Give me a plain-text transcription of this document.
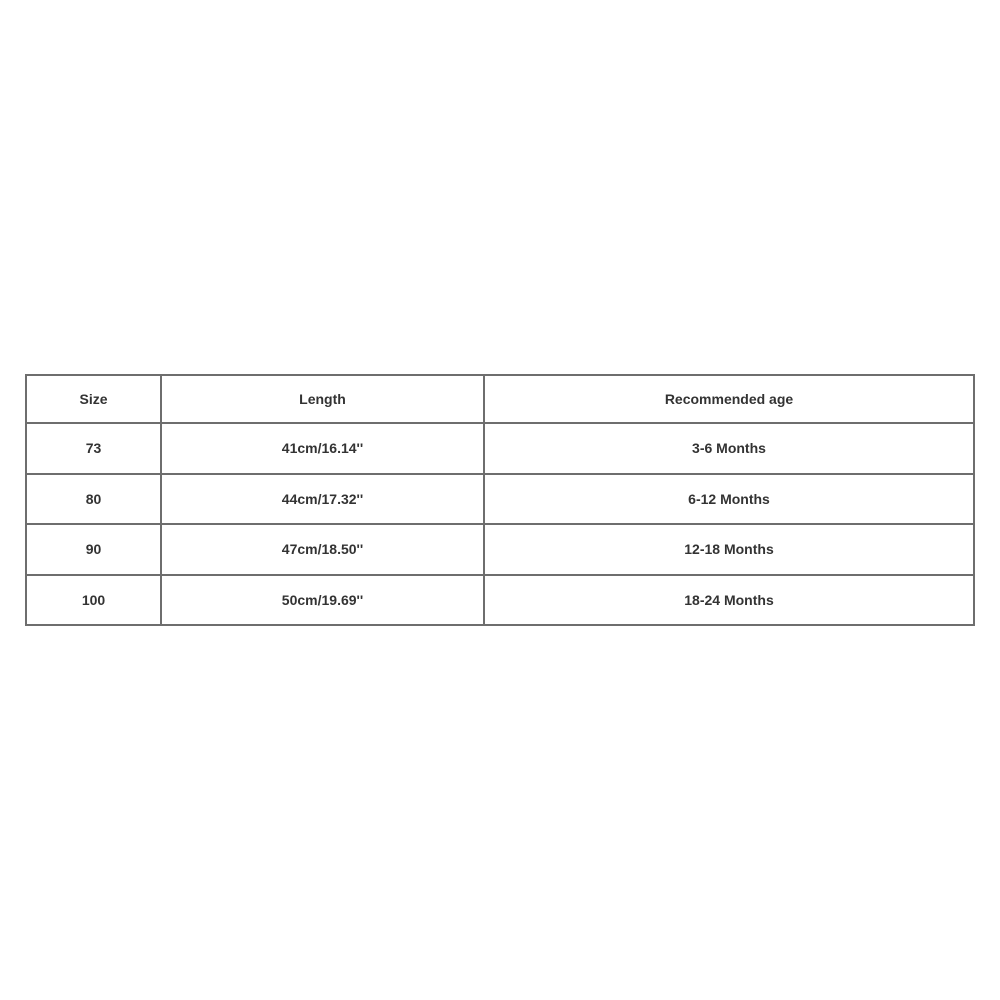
Size	Length	Recommended age
73	41cm/16.14''	3-6 Months
80	44cm/17.32''	6-12 Months
90	47cm/18.50''	12-18 Months
100	50cm/19.69''	18-24 Months
